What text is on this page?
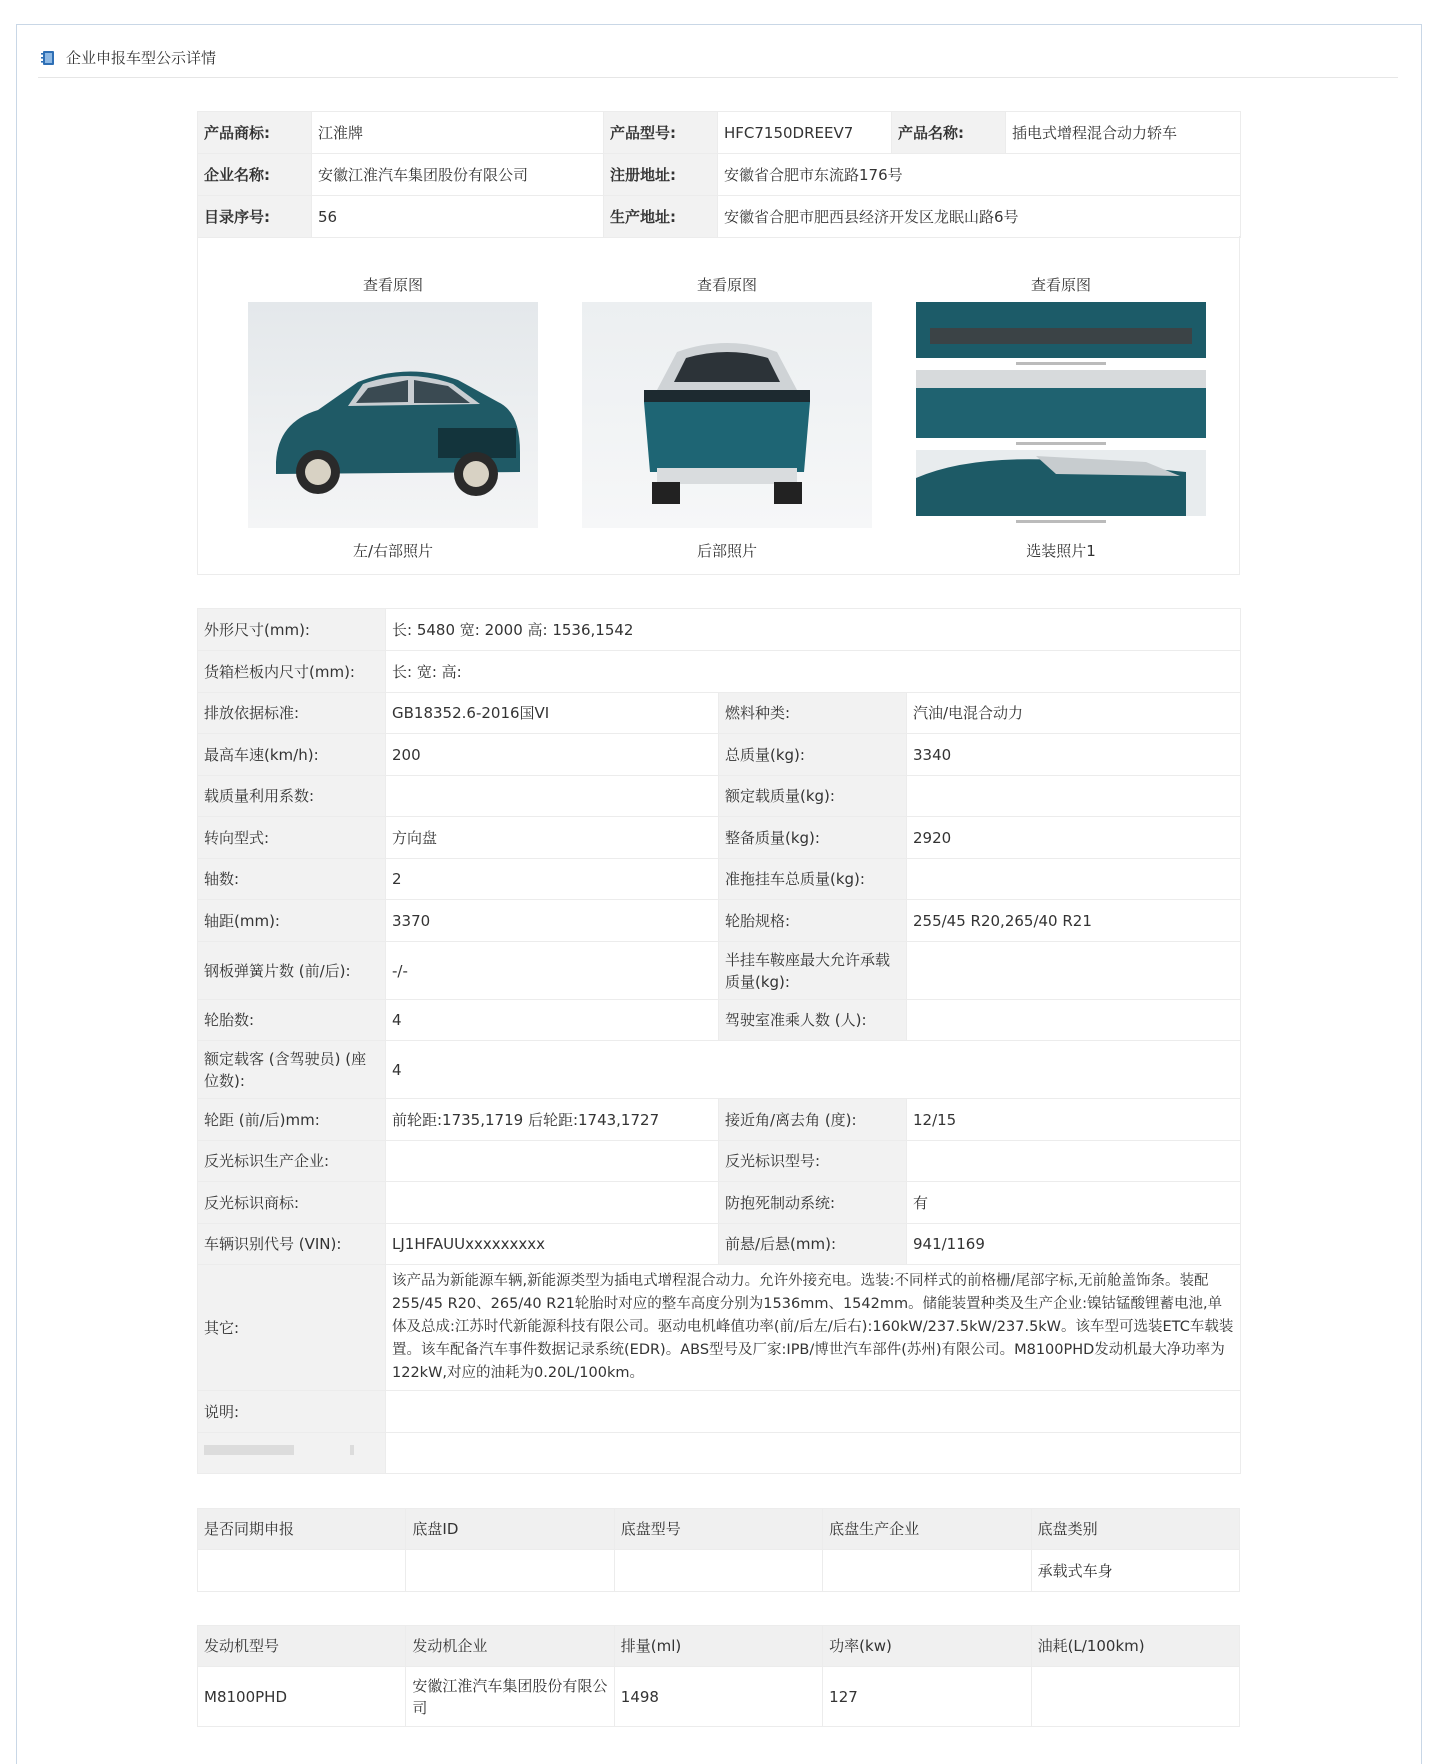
企业申报车型公示详情
产品商标:	江淮牌	产品型号:	HFC7150DREEV7	产品名称:	插电式增程混合动力轿车
企业名称:	安徽江淮汽车集团股份有限公司	注册地址:	安徽省合肥市东流路176号		
目录序号:	56	生产地址:	安徽省合肥市肥西县经济开发区龙眠山路6号		
查看原图
左/右部照片
查看原图
后部照片
查看原图
选装照片1
外形尺寸(mm):	长: 5480 宽: 2000 高: 1536,1542		
货箱栏板内尺寸(mm):	长: 宽: 高:		
排放依据标准:	GB18352.6-2016国VI	燃料种类:	汽油/电混合动力
最高车速(km/h):	200	总质量(kg):	3340
载质量利用系数:		额定载质量(kg):	
转向型式:	方向盘	整备质量(kg):	2920
轴数:	2	准拖挂车总质量(kg):	
轴距(mm):	3370	轮胎规格:	255/45 R20,265/40 R21
钢板弹簧片数 (前/后):	-/-	半挂车鞍座最大允许承载质量(kg):	
轮胎数:	4	驾驶室准乘人数 (人):	
额定载客 (含驾驶员) (座位数):	4		
轮距 (前/后)mm:	前轮距:1735,1719 后轮距:1743,1727	接近角/离去角 (度):	12/15
反光标识生产企业:		反光标识型号:	
反光标识商标:		防抱死制动系统:	有
车辆识别代号 (VIN):	LJ1HFAUUxxxxxxxxx	前悬/后悬(mm):	941/1169
其它:	该产品为新能源车辆,新能源类型为插电式增程混合动力。允许外接充电。选装:不同样式的前格栅/尾部字标,无前舱盖饰条。装配255/45 R20、265/40 R21轮胎时对应的整车高度分别为1536mm、1542mm。储能装置种类及生产企业:镍钴锰酸锂蓄电池,单体及总成:江苏时代新能源科技有限公司。驱动电机峰值功率(前/后左/后右):160kW/237.5kW/237.5kW。该车型可选装ETC车载装置。该车配备汽车事件数据记录系统(EDR)。ABS型号及厂家:IPB/博世汽车部件(苏州)有限公司。M8100PHD发动机最大净功率为122kW,对应的油耗为0.20L/100km。		
说明:			

是否同期申报	底盘ID	底盘型号	底盘生产企业	底盘类别
				承载式车身
发动机型号	发动机企业	排量(ml)	功率(kw)	油耗(L/100km)
M8100PHD	安徽江淮汽车集团股份有限公司	1498	127	
